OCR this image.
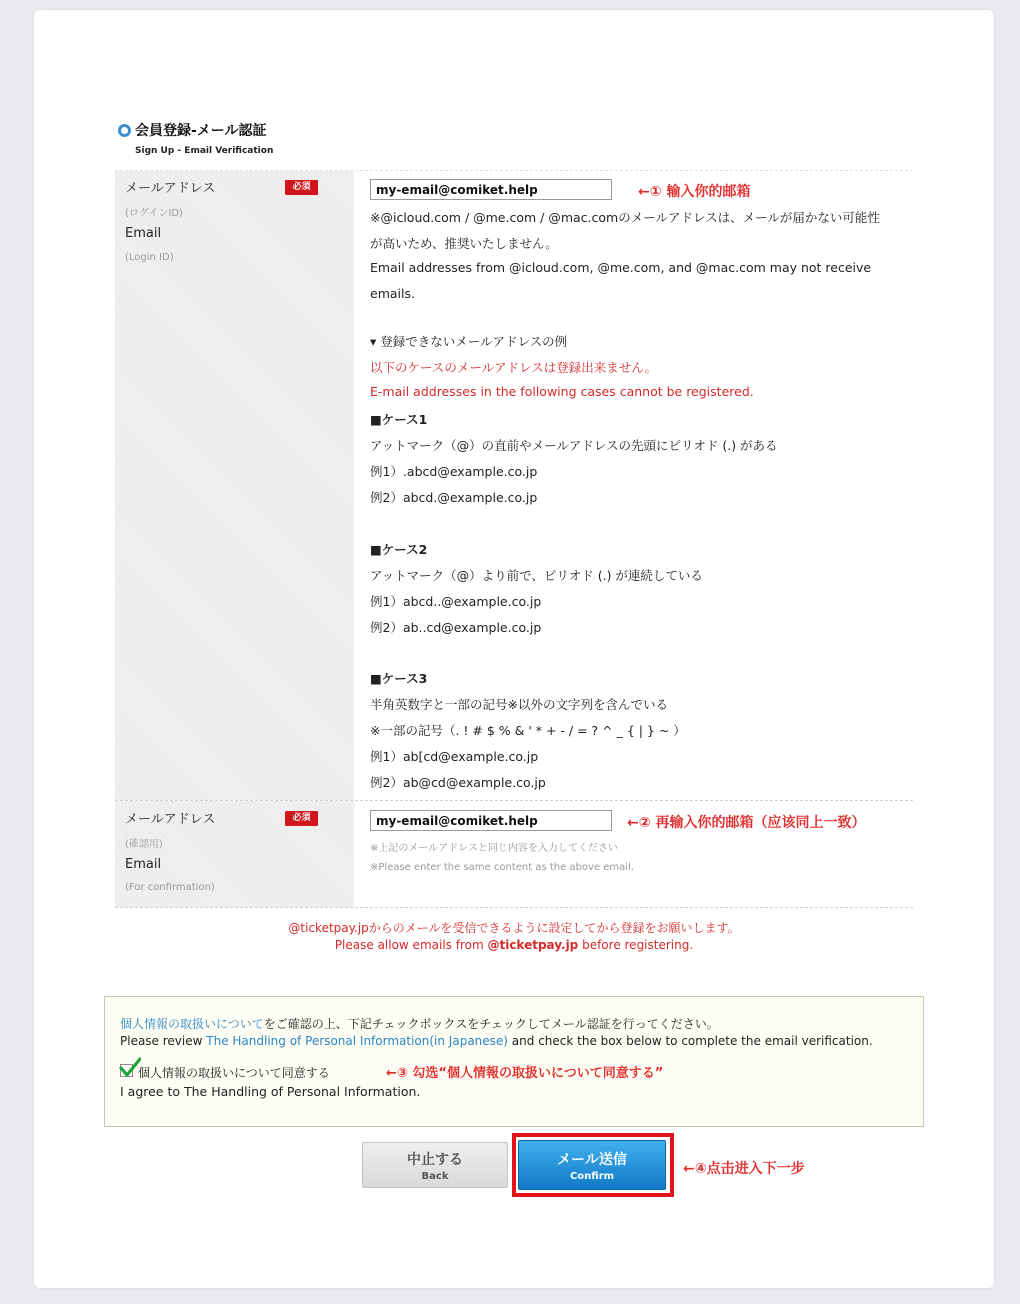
会員登録-メール認証
Sign Up - Email Verification
メールアドレス
(ログインID)
Email
(Login ID)
必須
my-email@comiket.help	←① 输入你的邮箱
※@icloud.com / @me.com / @mac.comのメールアドレスは、メールが届かない可能性
が高いため、推奨いたしません。
Email addresses from @icloud.com, @me.com, and @mac.com may not receive
emails.
▾ 登録できないメールアドレスの例
以下のケースのメールアドレスは登録出来ません。
E-mail addresses in the following cases cannot be registered.
■ケース1
アットマーク（@）の直前やメールアドレスの先頭にピリオド (.) がある
例1）.abcd@example.co.jp
例2）abcd.@example.co.jp
■ケース2
アットマーク（@）より前で、ピリオド (.) が連続している
例1）abcd..@example.co.jp
例2）ab..cd@example.co.jp
■ケース3
半角英数字と一部の記号※以外の文字列を含んでいる
※一部の記号（. ! # $ % & ' * + - / = ? ^ _ { | } ~ ）
例1）ab[cd@example.co.jp
例2）ab@cd@example.co.jp
メールアドレス
(確認用)
Email
(For confirmation)
必須
my-email@comiket.help	←② 再输入你的邮箱（应该同上一致）
※上記のメールアドレスと同じ内容を入力してください
※Please enter the same content as the above email.
@ticketpay.jpからのメールを受信できるように設定してから登録をお願いします。
Please allow emails from @ticketpay.jp before registering.
個人情報の取扱いについてをご確認の上、下記チェックボックスをチェックしてメール認証を行ってください。
Please review The Handling of Personal Information(in Japanese) and check the box below to complete the email verification.
個人情報の取扱いについて同意する	←③ 勾选“個人情報の取扱いについて同意する”
I agree to The Handling of Personal Information.
中止する
Back
メール送信
Confirm	←④点击进入下一步
